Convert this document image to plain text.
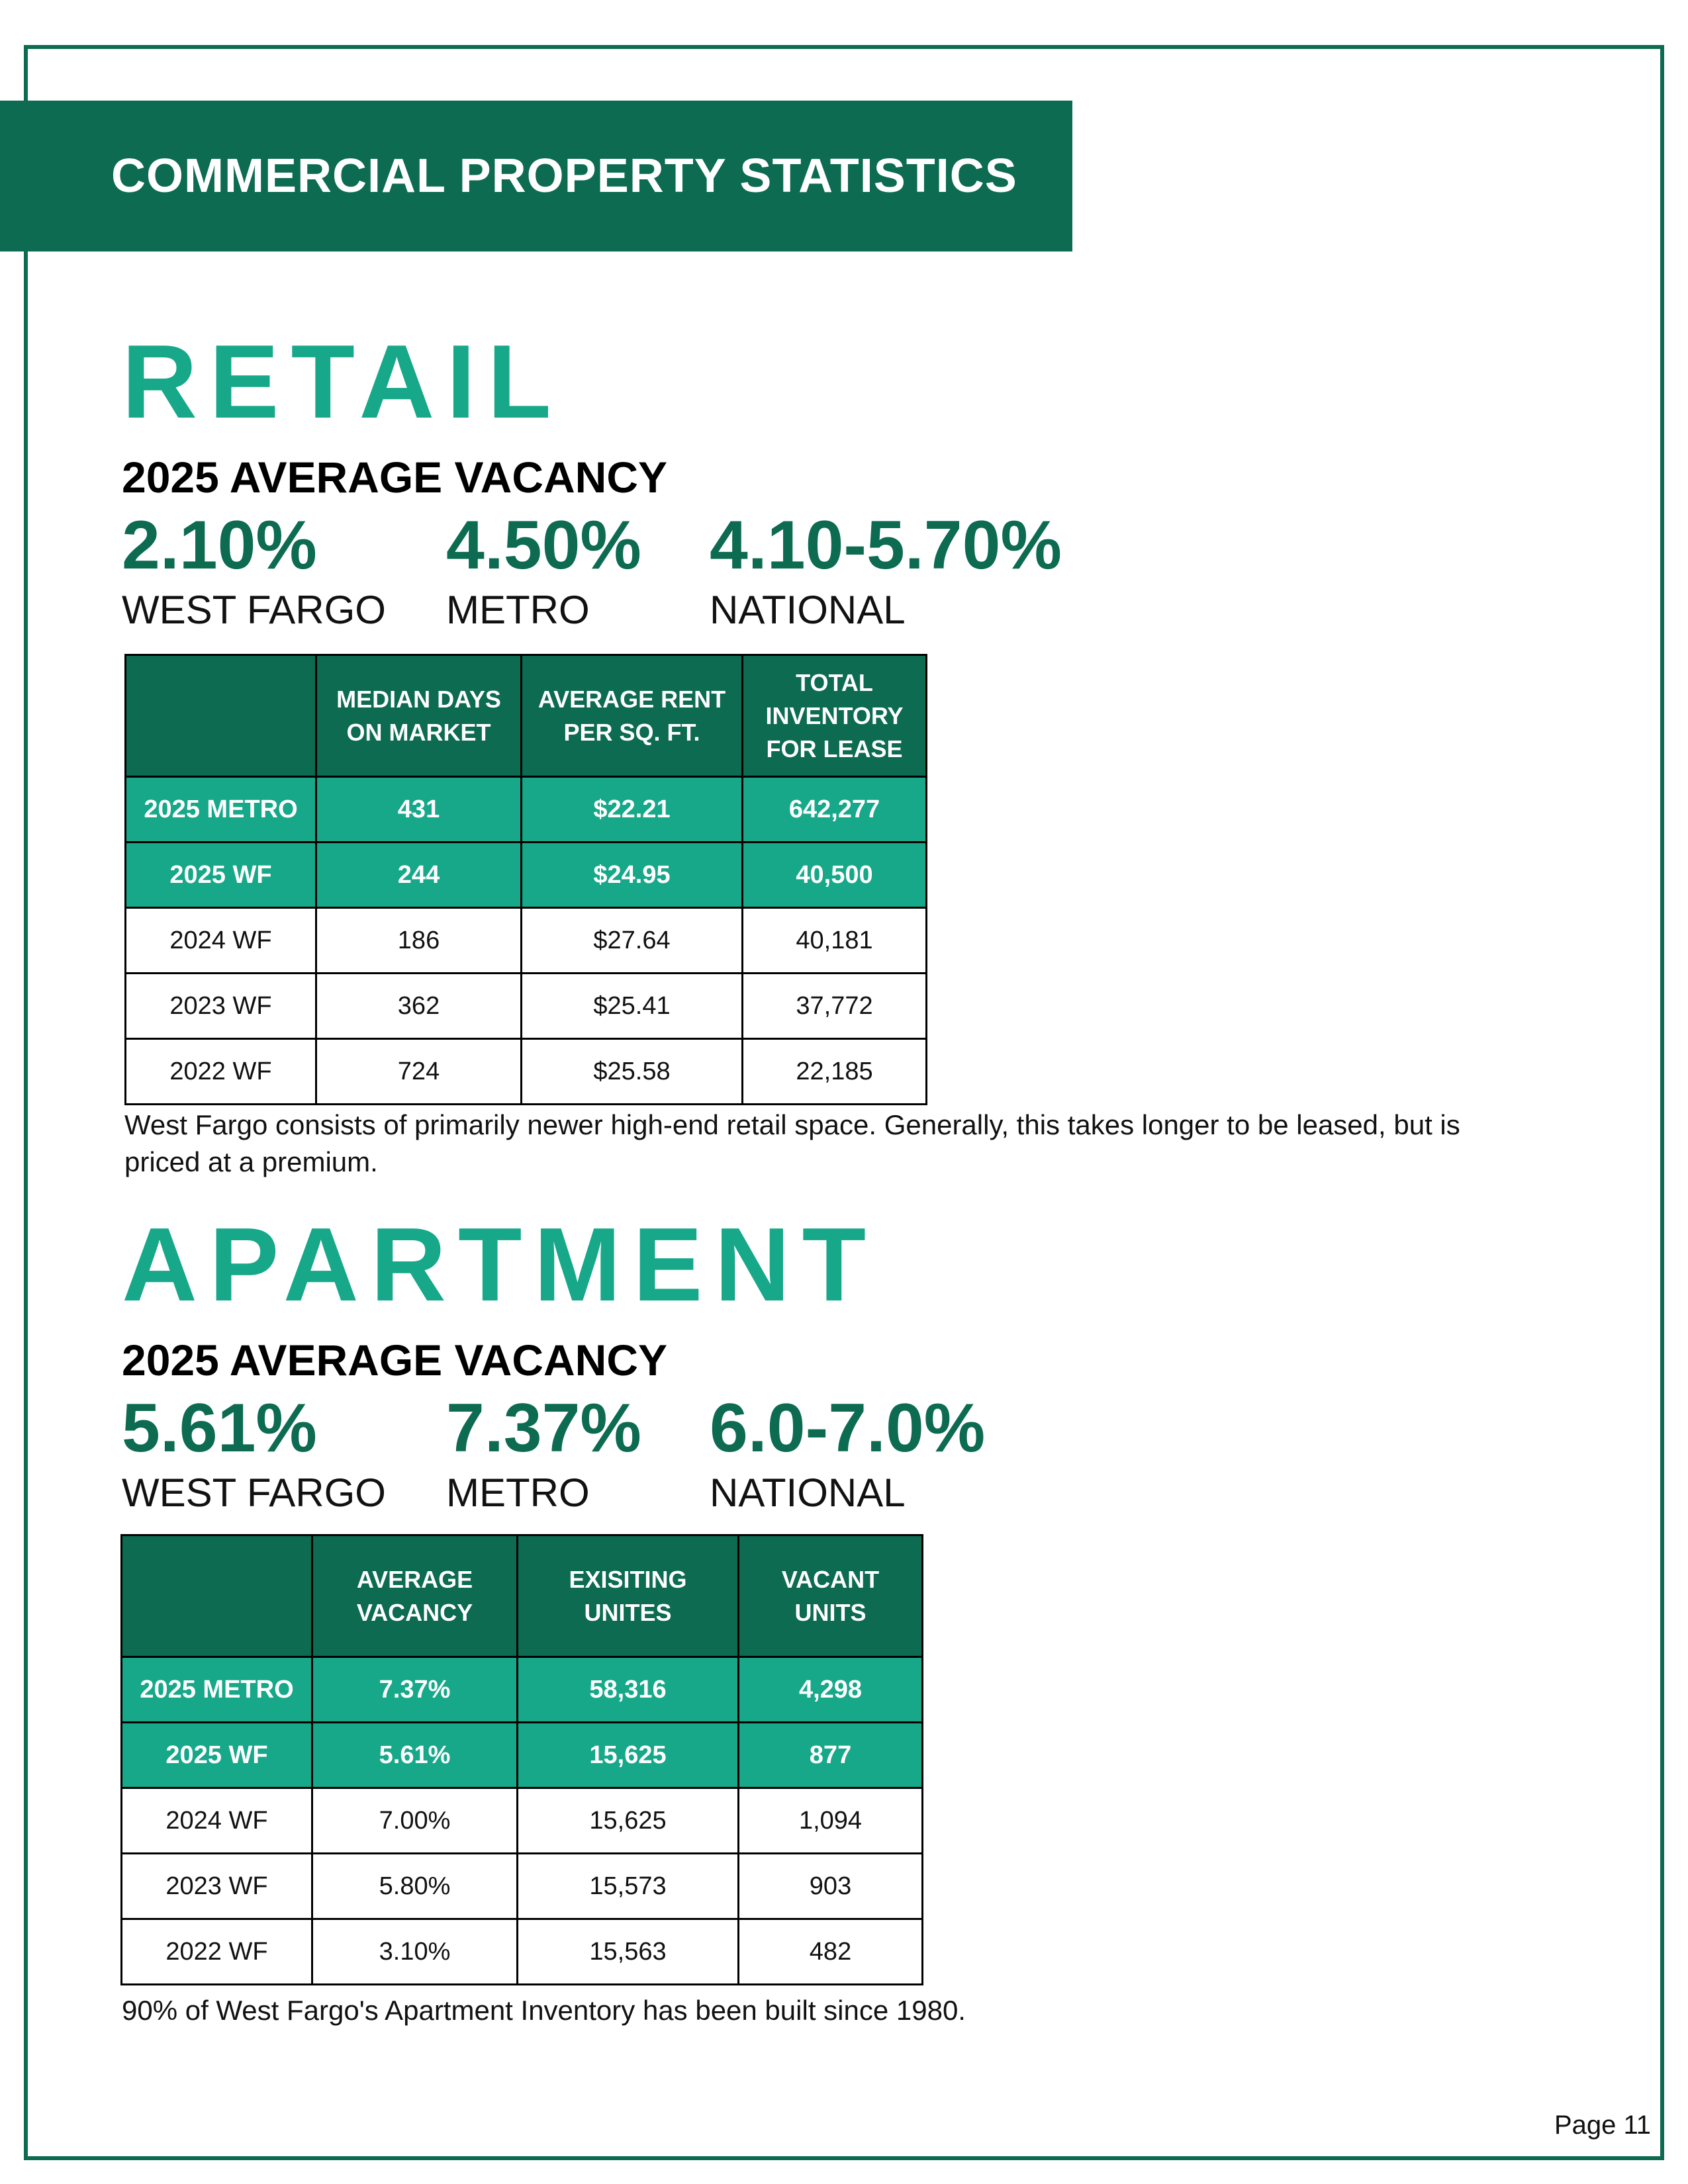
COMMERCIAL PROPERTY STATISTICS
RETAIL
2025 AVERAGE VACANCY
2.10%
WEST FARGO
4.50%
METRO
4.10-5.70%
NATIONAL
	MEDIAN DAYS ON MARKET	AVERAGE RENT PER SQ. FT.	TOTAL INVENTORY FOR LEASE
2025 METRO	431	$22.21	642,277
2025 WF	244	$24.95	40,500
2024 WF	186	$27.64	40,181
2023 WF	362	$25.41	37,772
2022 WF	724	$25.58	22,185
West Fargo consists of primarily newer high-end retail space. Generally, this takes longer to be leased, but is priced at a premium.
APARTMENT
2025 AVERAGE VACANCY
5.61%
WEST FARGO
7.37%
METRO
6.0-7.0%
NATIONAL
	AVERAGE VACANCY	EXISITING UNITES	VACANT UNITS
2025 METRO	7.37%	58,316	4,298
2025 WF	5.61%	15,625	877
2024 WF	7.00%	15,625	1,094
2023 WF	5.80%	15,573	903
2022 WF	3.10%	15,563	482
90% of West Fargo's Apartment Inventory has been built since 1980.
Page 11
